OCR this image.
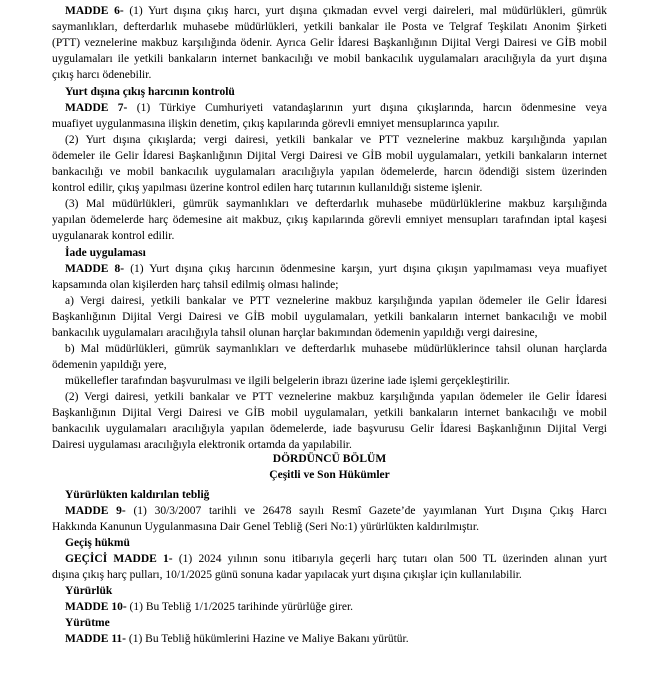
MADDE 6- (1) Yurt dışına çıkış harcı, yurt dışına çıkmadan evvel vergi daireleri, mal müdürlükleri, gümrük
saymanlıkları, defterdarlık muhasebe müdürlükleri, yetkili bankalar ile Posta ve Telgraf Teşkilatı Anonim Şirketi
(PTT) veznelerine makbuz karşılığında ödenir. Ayrıca Gelir İdaresi Başkanlığının Dijital Vergi Dairesi ve GİB mobil
uygulamaları ile yetkili bankaların internet bankacılığı ve mobil bankacılık uygulamaları aracılığıyla da yurt dışına
çıkış harcı ödenebilir.
Yurt dışına çıkış harcının kontrolü
MADDE 7- (1) Türkiye Cumhuriyeti vatandaşlarının yurt dışına çıkışlarında, harcın ödenmesine veya
muafiyet uygulanmasına ilişkin denetim, çıkış kapılarında görevli emniyet mensuplarınca yapılır.
(2) Yurt dışına çıkışlarda; vergi dairesi, yetkili bankalar ve PTT veznelerine makbuz karşılığında yapılan
ödemeler ile Gelir İdaresi Başkanlığının Dijital Vergi Dairesi ve GİB mobil uygulamaları, yetkili bankaların internet
bankacılığı ve mobil bankacılık uygulamaları aracılığıyla yapılan ödemelerde, harcın ödendiği sistem üzerinden
kontrol edilir, çıkış yapılması üzerine kontrol edilen harç tutarının kullanıldığı sisteme işlenir.
(3) Mal müdürlükleri, gümrük saymanlıkları ve defterdarlık muhasebe müdürlüklerine makbuz karşılığında
yapılan ödemelerde harç ödemesine ait makbuz, çıkış kapılarında görevli emniyet mensupları tarafından iptal kaşesi
uygulanarak kontrol edilir.
İade uygulaması
MADDE 8- (1) Yurt dışına çıkış harcının ödenmesine karşın, yurt dışına çıkışın yapılmaması veya muafiyet
kapsamında olan kişilerden harç tahsil edilmiş olması halinde;
a) Vergi dairesi, yetkili bankalar ve PTT veznelerine makbuz karşılığında yapılan ödemeler ile Gelir İdaresi
Başkanlığının Dijital Vergi Dairesi ve GİB mobil uygulamaları, yetkili bankaların internet bankacılığı ve mobil
bankacılık uygulamaları aracılığıyla tahsil olunan harçlar bakımından ödemenin yapıldığı vergi dairesine,
b) Mal müdürlükleri, gümrük saymanlıkları ve defterdarlık muhasebe müdürlüklerince tahsil olunan harçlarda
ödemenin yapıldığı yere,
mükellefler tarafından başvurulması ve ilgili belgelerin ibrazı üzerine iade işlemi gerçekleştirilir.
(2) Vergi dairesi, yetkili bankalar ve PTT veznelerine makbuz karşılığında yapılan ödemeler ile Gelir İdaresi
Başkanlığının Dijital Vergi Dairesi ve GİB mobil uygulamaları, yetkili bankaların internet bankacılığı ve mobil
bankacılık uygulamaları aracılığıyla yapılan ödemelerde, iade başvurusu Gelir İdaresi Başkanlığının Dijital Vergi
Dairesi uygulaması aracılığıyla elektronik ortamda da yapılabilir.
DÖRDÜNCÜ BÖLÜM
Çeşitli ve Son Hükümler
Yürürlükten kaldırılan tebliğ
MADDE 9- (1) 30/3/2007 tarihli ve 26478 sayılı Resmî Gazete’de yayımlanan Yurt Dışına Çıkış Harcı
Hakkında Kanunun Uygulanmasına Dair Genel Tebliğ (Seri No:1) yürürlükten kaldırılmıştır.
Geçiş hükmü
GEÇİCİ MADDE 1- (1) 2024 yılının sonu itibarıyla geçerli harç tutarı olan 500 TL üzerinden alınan yurt
dışına çıkış harç pulları, 10/1/2025 günü sonuna kadar yapılacak yurt dışına çıkışlar için kullanılabilir.
Yürürlük
MADDE 10- (1) Bu Tebliğ 1/1/2025 tarihinde yürürlüğe girer.
Yürütme
MADDE 11- (1) Bu Tebliğ hükümlerini Hazine ve Maliye Bakanı yürütür.
